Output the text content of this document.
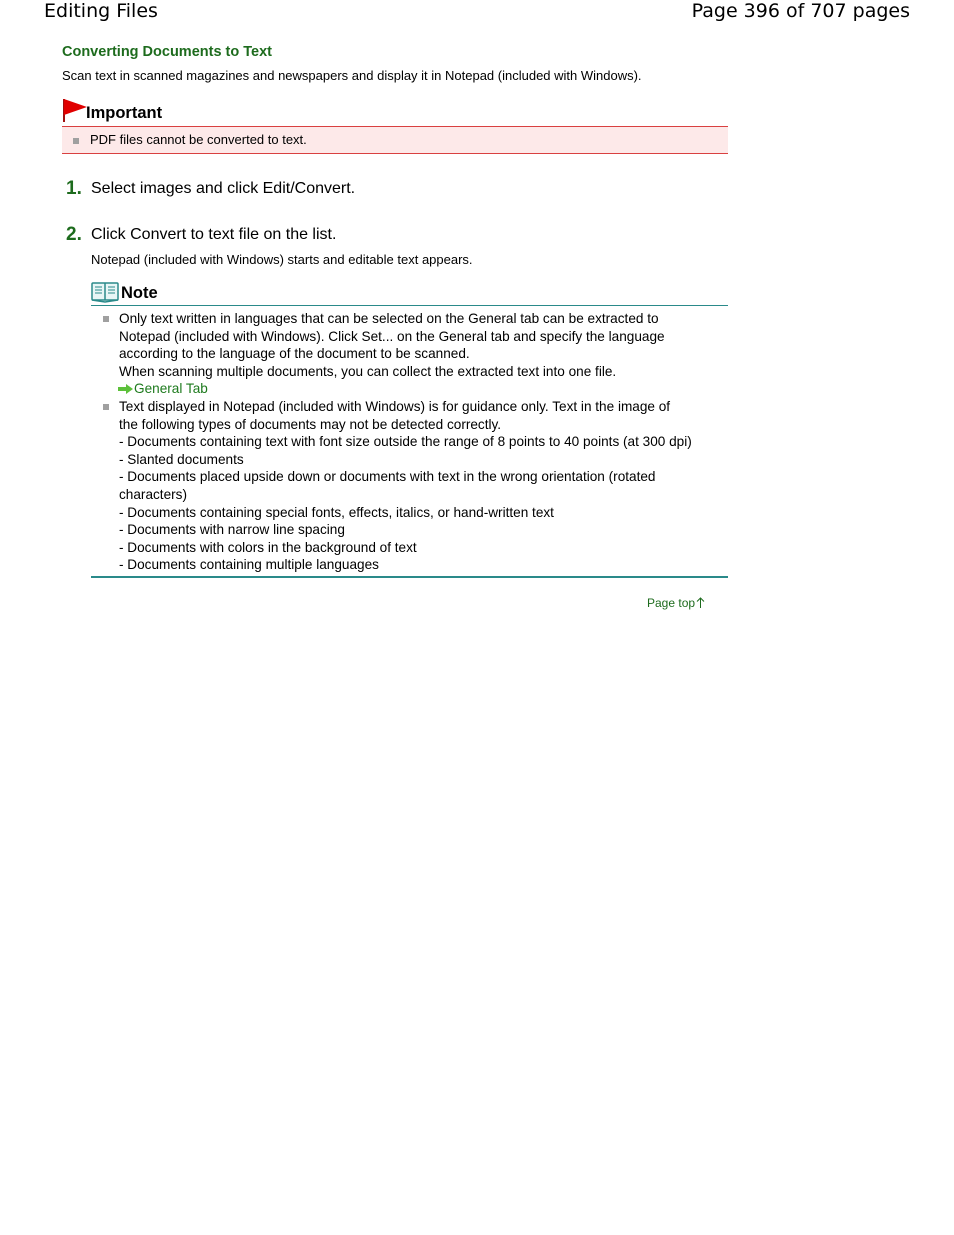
Editing Files	Page 396 of 707 pages
Converting Documents to Text
Scan text in scanned magazines and newspapers and display it in Notepad (included with Windows).
Important
PDF files cannot be converted to text.
1. Select images and click Edit/Convert.
2. Click Convert to text file on the list.
Notepad (included with Windows) starts and editable text appears.
Note
Only text written in languages that can be selected on the General tab can be extracted to
Notepad (included with Windows). Click Set... on the General tab and specify the language
according to the language of the document to be scanned.
When scanning multiple documents, you can collect the extracted text into one file.
General Tab
Text displayed in Notepad (included with Windows) is for guidance only. Text in the image of
the following types of documents may not be detected correctly.
- Documents containing text with font size outside the range of 8 points to 40 points (at 300 dpi)
- Slanted documents
- Documents placed upside down or documents with text in the wrong orientation (rotated
characters)
- Documents containing special fonts, effects, italics, or hand-written text
- Documents with narrow line spacing
- Documents with colors in the background of text
- Documents containing multiple languages
Page top
